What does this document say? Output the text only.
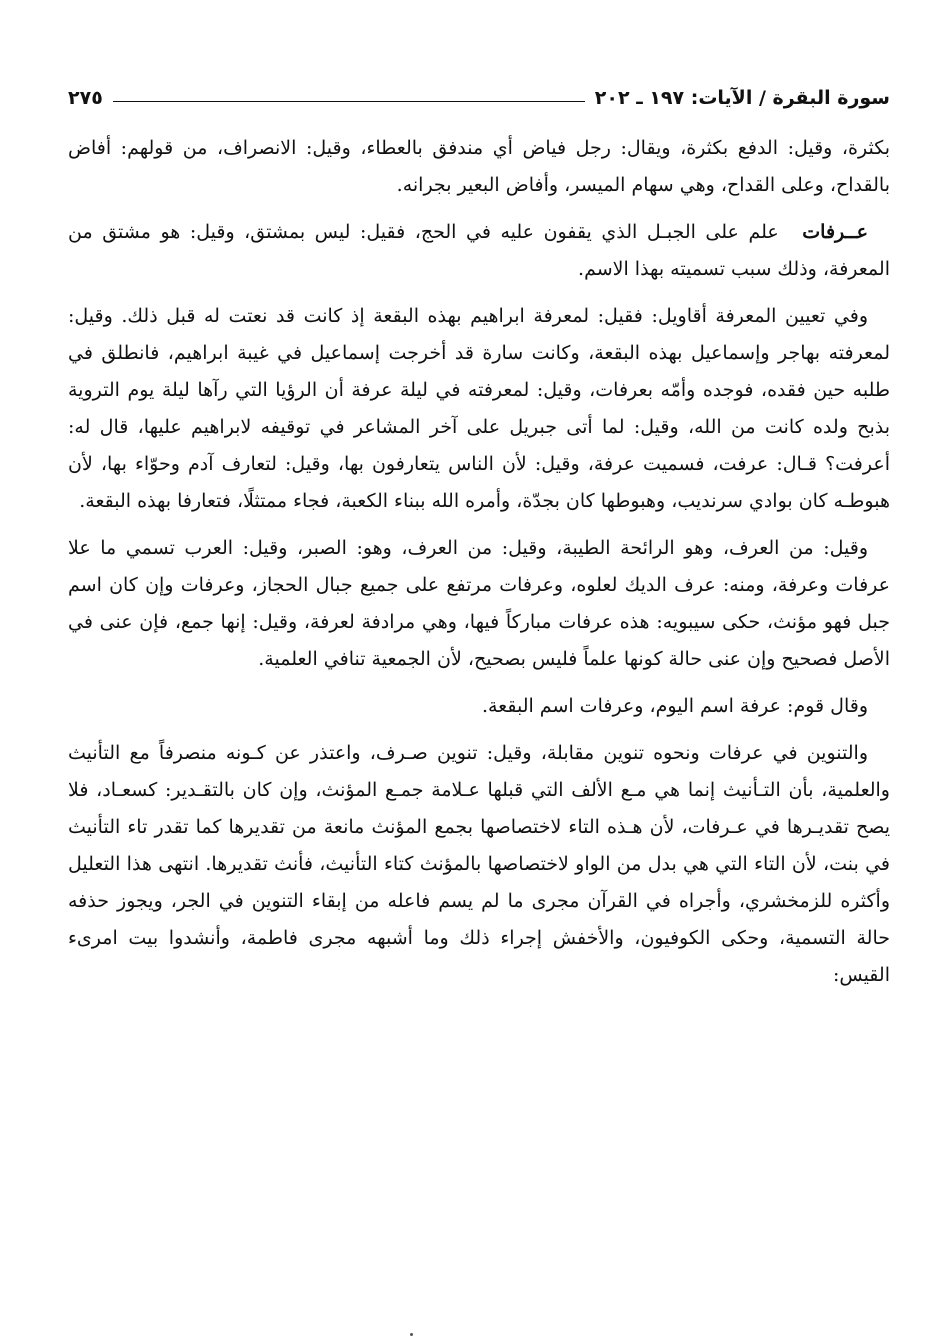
سورة البقرة / الآيات: ١٩٧ ـ ٢٠٢
٢٧٥

بكثرة، وقيل: الدفع بكثرة، ويقال: رجل فياض أي مندفق بالعطاء، وقيل: الانصراف، من قولهم: أفاض بالقداح، وعلى القداح، وهي سهام الميسر، وأفاض البعير بجرانه.

عــرفات علم على الجبـل الذي يقفون عليه في الحج، فقيل: ليس بمشتق، وقيل: هو مشتق من المعرفة، وذلك سبب تسميته بهذا الاسم.

وفي تعيين المعرفة أقاويل: فقيل: لمعرفة ابراهيم بهذه البقعة إذ كانت قد نعتت له قبل ذلك. وقيل: لمعرفته بهاجر وإسماعيل بهذه البقعة، وكانت سارة قد أخرجت إسماعيل في غيبة ابراهيم، فانطلق في طلبه حين فقده، فوجده وأمّه بعرفات، وقيل: لمعرفته في ليلة عرفة أن الرؤيا التي رآها ليلة يوم التروية بذبح ولده كانت من الله، وقيل: لما أتى جبريل على آخر المشاعر في توقيفه لابراهيم عليها، قال له: أعرفت؟ قـال: عرفت، فسميت عرفة، وقيل: لأن الناس يتعارفون بها، وقيل: لتعارف آدم وحوّاء بها، لأن هبوطـه كان بوادي سرنديب، وهبوطها كان بجدّة، وأمره الله ببناء الكعبة، فجاء ممتثلًا، فتعارفا بهذه البقعة.

وقيل: من العرف، وهو الرائحة الطيبة، وقيل: من العرف، وهو: الصبر، وقيل: العرب تسمي ما علا عرفات وعرفة، ومنه: عرف الديك لعلوه، وعرفات مرتفع على جميع جبال الحجاز، وعرفات وإن كان اسم جبل فهو مؤنث، حكى سيبويه: هذه عرفات مباركاً فيها، وهي مرادفة لعرفة، وقيل: إنها جمع، فإن عنى في الأصل فصحيح وإن عنى حالة كونها علماً فليس بصحيح، لأن الجمعية تنافي العلمية.

وقال قوم: عرفة اسم اليوم، وعرفات اسم البقعة.

والتنوين في عرفات ونحوه تنوين مقابلة، وقيل: تنوين صـرف، واعتذر عن كـونه منصرفاً مع التأنيث والعلمية، بأن التـأنيث إنما هي مـع الألف التي قبلها عـلامة جمـع المؤنث، وإن كان بالتقـدير: كسعـاد، فلا يصح تقديـرها في عـرفات، لأن هـذه التاء لاختصاصها بجمع المؤنث مانعة من تقديرها كما تقدر تاء التأنيث في بنت، لأن التاء التي هي بدل من الواو لاختصاصها بالمؤنث كتاء التأنيث، فأنث تقديرها. انتهى هذا التعليل وأكثره للزمخشري، وأجراه في القرآن مجرى ما لم يسم فاعله من إبقاء التنوين في الجر، ويجوز حذفه حالة التسمية، وحكى الكوفيون، والأخفش إجراء ذلك وما أشبهه مجرى فاطمة، وأنشدوا بيت امرىء القيس:
